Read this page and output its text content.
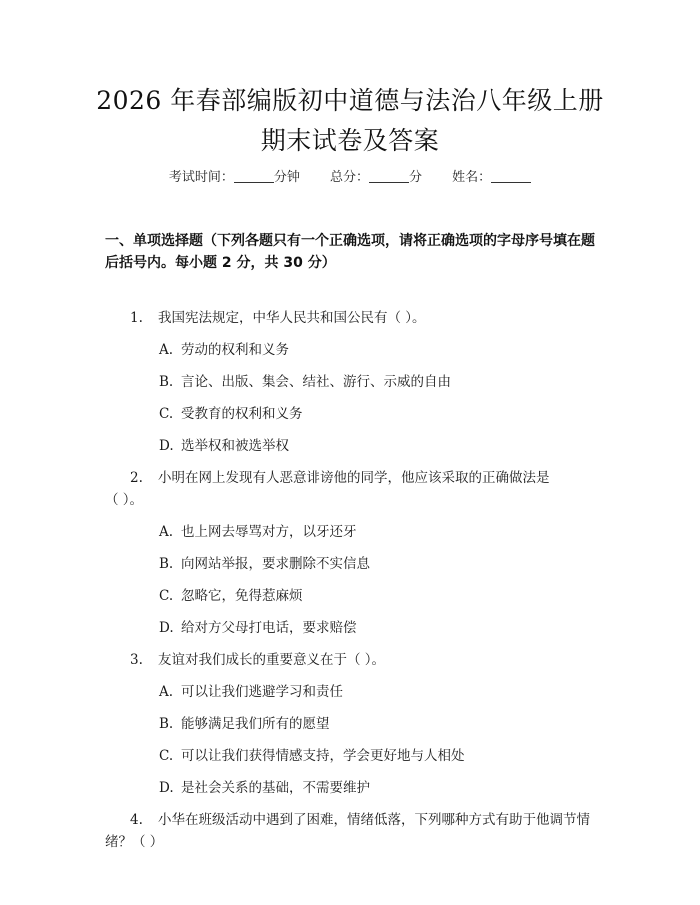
2026 年春部编版初中道德与法治八年级上册
期末试卷及答案
考试时间：	分钟 总分：	分 姓名：
一、单项选择题（下列各题只有一个正确选项，请将正确选项的字母序号填在题
后括号内。每小题 2 分，共 30 分）
1. 我国宪法规定，中华人民共和国公民有（ ）。
A. 劳动的权利和义务
B. 言论、出版、集会、结社、游行、示威的自由
C. 受教育的权利和义务
D. 选举权和被选举权
2. 小明在网上发现有人恶意诽谤他的同学，他应该采取的正确做法是
（ ）。
A. 也上网去辱骂对方，以牙还牙
B. 向网站举报，要求删除不实信息
C. 忽略它，免得惹麻烦
D. 给对方父母打电话，要求赔偿
3. 友谊对我们成长的重要意义在于（ ）。
A. 可以让我们逃避学习和责任
B. 能够满足我们所有的愿望
C. 可以让我们获得情感支持，学会更好地与人相处
D. 是社会关系的基础，不需要维护
4. 小华在班级活动中遇到了困难，情绪低落，下列哪种方式有助于他调节情
绪？（ ）
